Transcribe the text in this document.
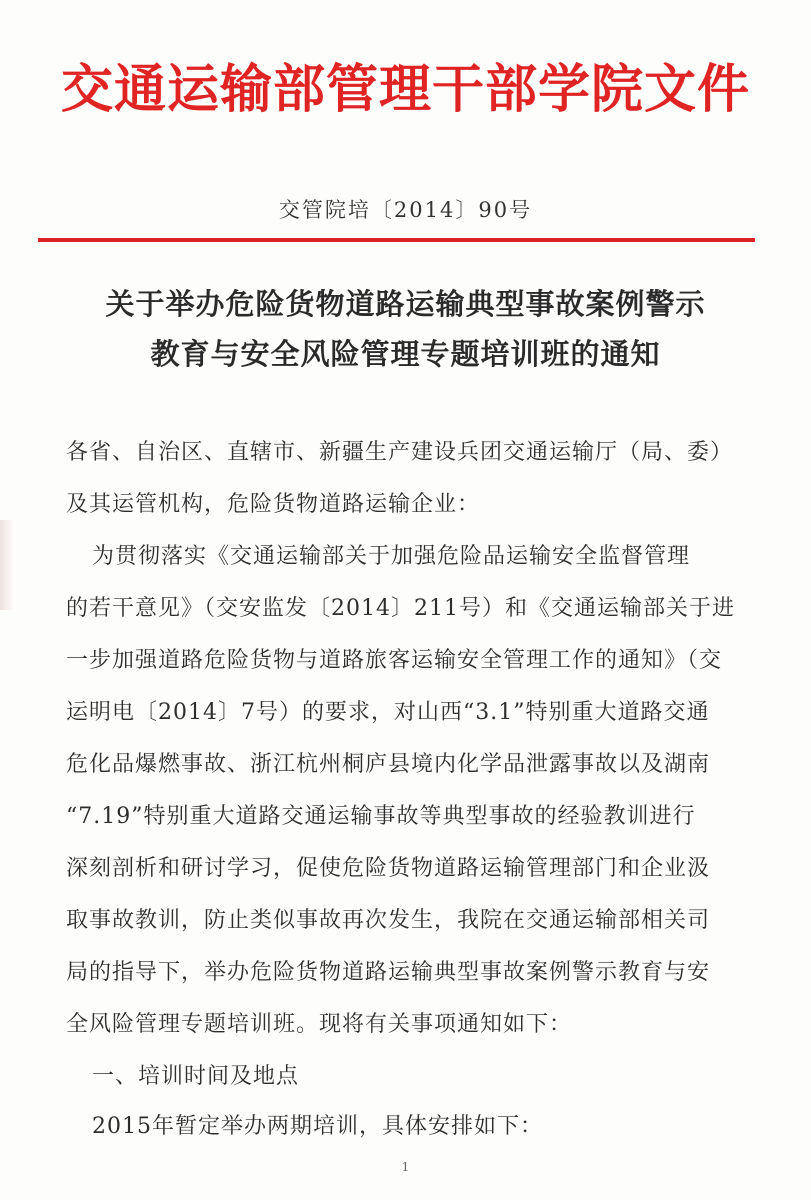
交通运输部管理干部学院文件
交管院培〔2014〕90号
关于举办危险货物道路运输典型事故案例警示
教育与安全风险管理专题培训班的通知
各省、自治区、直辖市、新疆生产建设兵团交通运输厅（局、委）
及其运管机构，危险货物道路运输企业：
为贯彻落实《交通运输部关于加强危险品运输安全监督管理
的若干意见》（交安监发〔2014〕211号）和《交通运输部关于进
一步加强道路危险货物与道路旅客运输安全管理工作的通知》（交
运明电〔2014〕7号）的要求，对山西“3.1”特别重大道路交通
危化品爆燃事故、浙江杭州桐庐县境内化学品泄露事故以及湖南
“7.19”特别重大道路交通运输事故等典型事故的经验教训进行
深刻剖析和研讨学习，促使危险货物道路运输管理部门和企业汲
取事故教训，防止类似事故再次发生，我院在交通运输部相关司
局的指导下，举办危险货物道路运输典型事故案例警示教育与安
全风险管理专题培训班。现将有关事项通知如下：
一、培训时间及地点
2015年暂定举办两期培训，具体安排如下：
1
